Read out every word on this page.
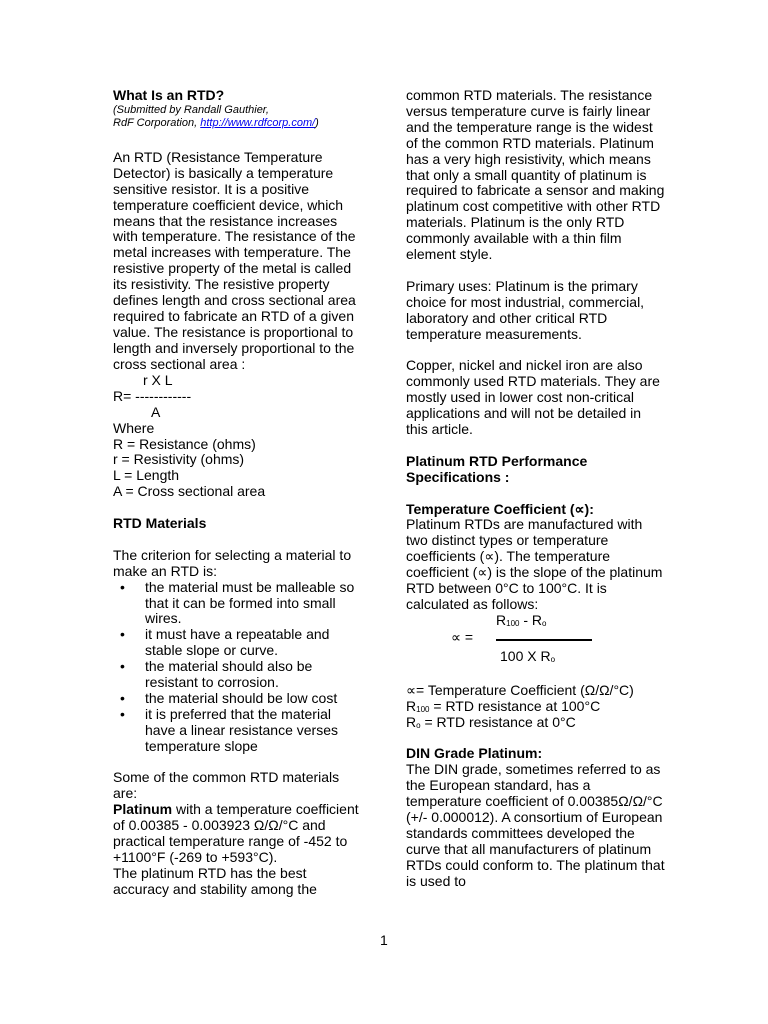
What Is an RTD?

(Submitted by Randall Gauthier,

RdF Corporation, http://www.rdfcorp.com/)

An RTD (Resistance Temperature Detector) is basically a temperature sensitive resistor. It is a positive temperature coefficient device, which means that the resistance increases with temperature. The resistance of the metal increases with temperature. The resistive property of the metal is called its resistivity. The resistive property defines length and cross sectional area required to fabricate an RTD of a given value. The resistance is proportional to length and inversely proportional to the cross sectional area :

r X L
R= ------------
A

Where

R = Resistance (ohms)

r = Resistivity (ohms)

L = Length

A = Cross sectional area

RTD Materials

The criterion for selecting a material to make an RTD is:

• the material must be malleable so that it can be formed into small wires.
• it must have a repeatable and stable slope or curve.
• the material should also be resistant to corrosion.
• the material should be low cost
• it is preferred that the material have a linear resistance verses temperature slope

Some of the common RTD materials are:

Platinum with a temperature coefficient of 0.00385 - 0.003923 Ω/Ω/°C and practical temperature range of -452 to +1100°F (-269 to +593°C).

The platinum RTD has the best accuracy and stability among the

common RTD materials. The resistance versus temperature curve is fairly linear and the temperature range is the widest of the common RTD materials. Platinum has a very high resistivity, which means that only a small quantity of platinum is required to fabricate a sensor and making platinum cost competitive with other RTD materials. Platinum is the only RTD commonly available with a thin film element style.

Primary uses: Platinum is the primary choice for most industrial, commercial, laboratory and other critical RTD temperature measurements.

Copper, nickel and nickel iron are also commonly used RTD materials. They are mostly used in lower cost non-critical applications and will not be detailed in this article.

Platinum RTD Performance Specifications :

Temperature Coefficient (∝):

Platinum RTDs are manufactured with two distinct types or temperature coefficients (∝). The temperature coefficient (∝) is the slope of the platinum RTD between 0°C to 100°C. It is calculated as follows:

$R_{100} - R_o$
∝ =
100 X $R_o$

∝= Temperature Coefficient (Ω/Ω/°C)

$R_{100}$ = RTD resistance at 100°C

$R_o$ = RTD resistance at 0°C

DIN Grade Platinum:

The DIN grade, sometimes referred to as the European standard, has a temperature coefficient of 0.00385Ω/Ω/°C (+/- 0.000012). A consortium of European standards committees developed the curve that all manufacturers of platinum RTDs could conform to. The platinum that is used to

1
